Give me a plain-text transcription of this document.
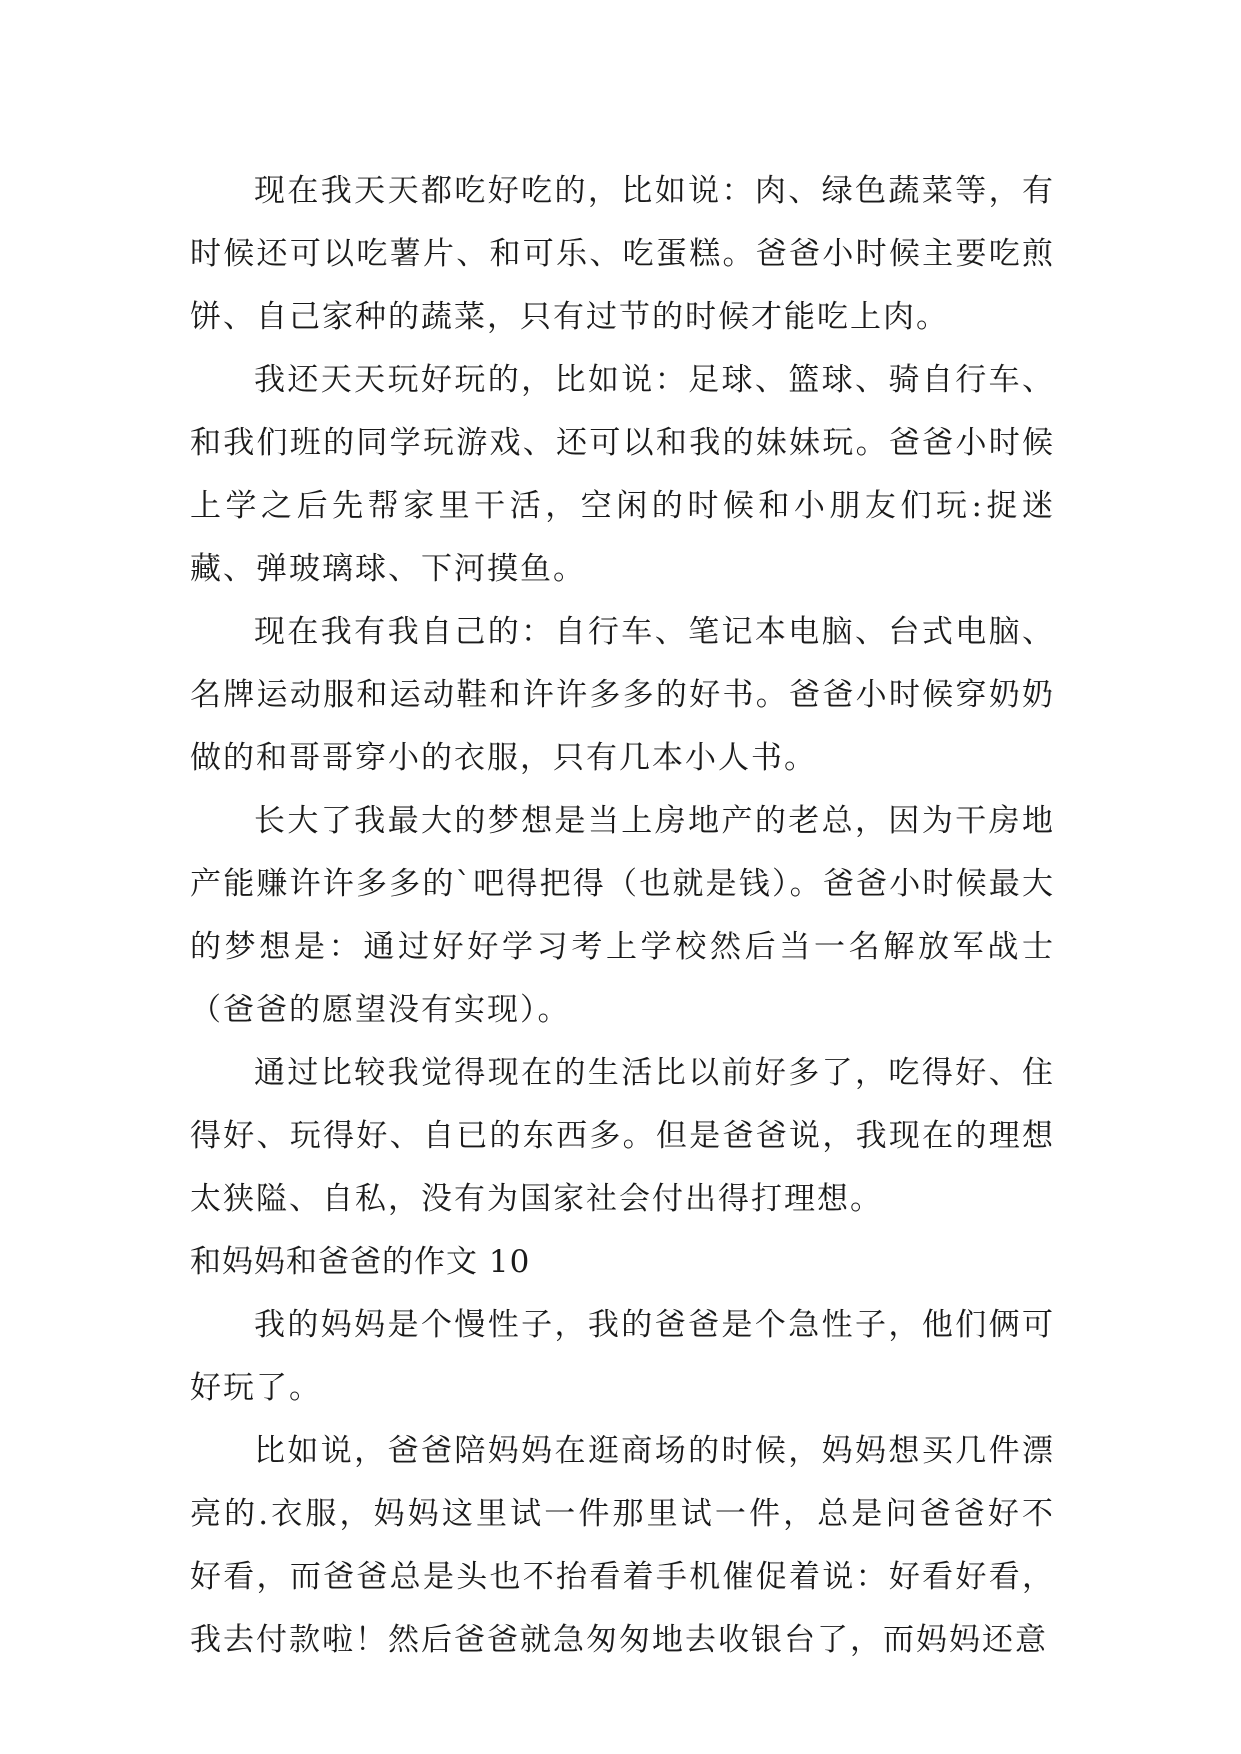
现在我天天都吃好吃的，比如说：肉、绿色蔬菜等，有时候还可以吃薯片、和可乐、吃蛋糕。爸爸小时候主要吃煎饼、自己家种的蔬菜，只有过节的时候才能吃上肉。

我还天天玩好玩的，比如说：足球、篮球、骑自行车、和我们班的同学玩游戏、还可以和我的妹妹玩。爸爸小时候上学之后先帮家里干活，空闲的时候和小朋友们玩:捉迷藏、弹玻璃球、下河摸鱼。

现在我有我自己的：自行车、笔记本电脑、台式电脑、名牌运动服和运动鞋和许许多多的好书。爸爸小时候穿奶奶做的和哥哥穿小的衣服，只有几本小人书。

长大了我最大的梦想是当上房地产的老总，因为干房地产能赚许许多多的`吧得把得（也就是钱）。爸爸小时候最大的梦想是：通过好好学习考上学校然后当一名解放军战士（爸爸的愿望没有实现）。

通过比较我觉得现在的生活比以前好多了，吃得好、住得好、玩得好、自已的东西多。但是爸爸说，我现在的理想太狭隘、自私，没有为国家社会付出得打理想。

和妈妈和爸爸的作文 10

我的妈妈是个慢性子，我的爸爸是个急性子，他们俩可好玩了。

比如说，爸爸陪妈妈在逛商场的时候，妈妈想买几件漂亮的.衣服，妈妈这里试一件那里试一件，总是问爸爸好不好看，而爸爸总是头也不抬看着手机催促着说：好看好看，我去付款啦！然后爸爸就急匆匆地去收银台了，而妈妈还意
